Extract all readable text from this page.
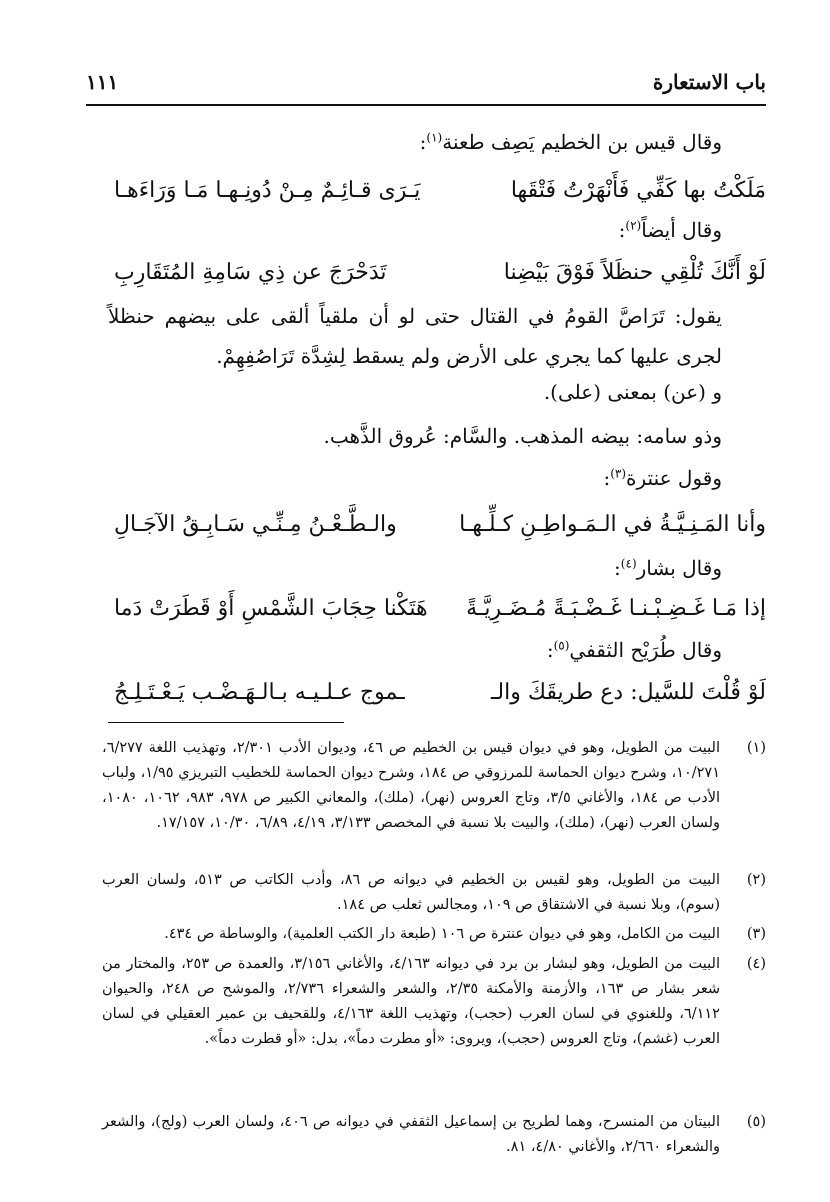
باب الاستعارة
١١١
وقال قيس بن الخطيم يَصِف طعنة$^{(١)}$:
مَلَكْتُ بها كَفِّي فَأَنْهَرْتُ فَتْقَها
يَـرَى قـائِـمٌ مِـنْ دُونِـهـا مَـا وَرَاءَهـا
وقال أيضاً$^{(٢)}$:
لَوْ أَنَّكَ تُلْقِي حنظَلاً فَوْقَ بَيْضِنا
تَدَحْرَجَ عن ذِي سَامِةِ المُتَقَارِبِ
يقول: تَرَاصَّ القومُ في القتال حتى لو أن ملقياً ألقى على بيضهم حنظلاً لجرى عليها كما يجري على الأرض ولم يسقط لِشِدَّة تَرَاصُفِهِمْ.
و (عن) بمعنى (على).
وذو سامه: بيضه المذهب. والسَّام: عُروق الذَّهب.
وقول عنترة$^{(٣)}$:
وأنا المَـنِـيَّـةُ في الـمَـواطِـنِ كـلِّـهـا
والـطَّـعْـنُ مِـنِّـي سَـابِـقُ الآجَـالِ
وقال بشار$^{(٤)}$:
إذا مَـا غَـضِـبْـنـا غَـضْـبَـةً مُـضَـرِيَّـةً
هَتَكْنا حِجَابَ الشَّمْسِ أَوْ قَطَرَتْ دَما
وقال طُرَيْح الثقفي$^{(٥)}$:
لَوْ قُلْتَ للسَّيل: دع طريقَكَ والـ
ـموج عـلـيـه بـالـهَـضْـب يَـعْـتَـلِـجُ
(١)
البيت من الطويل، وهو في ديوان قيس بن الخطيم ص ٤٦، وديوان الأدب ٢/٣٠١، وتهذيب اللغة ٦/٢٧٧، ١٠/٢٧١، وشرح ديوان الحماسة للمرزوقي ص ١٨٤، وشرح ديوان الحماسة للخطيب التبريزي ١/٩٥، ولباب الأدب ص ١٨٤، والأغاني ٣/٥، وتاج العروس (نهر)، (ملك)، والمعاني الكبير ص ٩٧٨، ٩٨٣، ١٠٦٢، ١٠٨٠، ولسان العرب (نهر)، (ملك)، والبيت بلا نسبة في المخصص ٣/١٣٣، ٤/١٩، ٦/٨٩، ١٠/٣٠، ١٧/١٥٧.
(٢)
البيت من الطويل، وهو لقيس بن الخطيم في ديوانه ص ٨٦، وأدب الكاتب ص ٥١٣، ولسان العرب (سوم)، وبلا نسبة في الاشتقاق ص ١٠٩، ومجالس ثعلب ص ١٨٤.
(٣)
البيت من الكامل، وهو في ديوان عنترة ص ١٠٦ (طبعة دار الكتب العلمية)، والوساطة ص ٤٣٤.
(٤)
البيت من الطويل، وهو لبشار بن برد في ديوانه ٤/١٦٣، والأغاني ٣/١٥٦، والعمدة ص ٢٥٣، والمختار من شعر بشار ص ١٦٣، والأزمنة والأمكنة ٢/٣٥، والشعر والشعراء ٢/٧٣٦، والموشح ص ٢٤٨، والحيوان ٦/١١٢، وللغنوي في لسان العرب (حجب)، وتهذيب اللغة ٤/١٦٣، وللقحيف بن عمير العقيلي في لسان العرب (غشم)، وتاج العروس (حجب)، ويروى: «أو مطرت دماً»، بدل: «أو قطرت دماً».
(٥)
البيتان من المنسرح، وهما لطريح بن إسماعيل الثقفي في ديوانه ص ٤٠٦، ولسان العرب (ولج)، والشعر والشعراء ٢/٦٦٠، والأغاني ٤/٨٠، ٨١.
